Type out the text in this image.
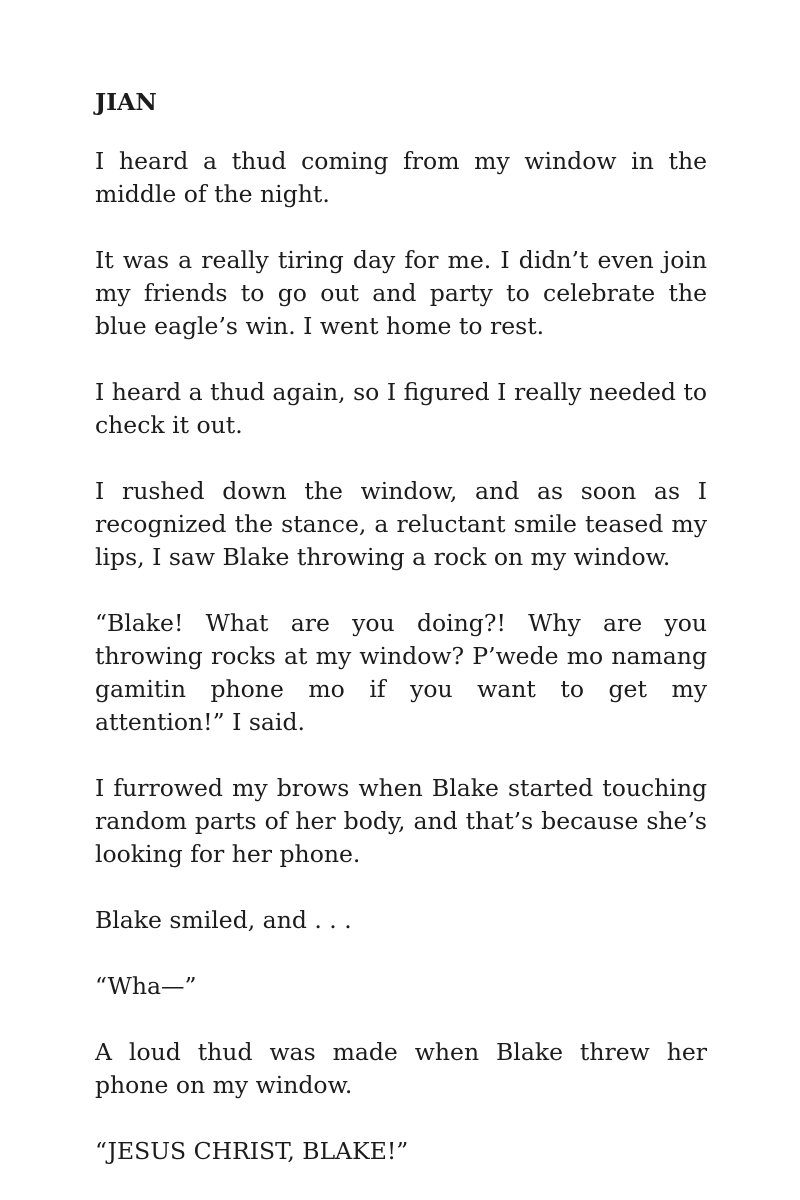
JIAN

I heard a thud coming from my window in the middle of the night.

It was a really tiring day for me. I didn’t even join my friends to go out and party to celebrate the blue eagle’s win. I went home to rest.

I heard a thud again, so I figured I really needed to check it out.

I rushed down the window, and as soon as I recognized the stance, a reluctant smile teased my lips, I saw Blake throwing a rock on my window.

“Blake! What are you doing?! Why are you throwing rocks at my window? P’wede mo namang gamitin phone mo if you want to get my attention!” I said.

I furrowed my brows when Blake started touching random parts of her body, and that’s because she’s looking for her phone.

Blake smiled, and . . .

“Wha—”

A loud thud was made when Blake threw her phone on my window.

“JESUS CHRIST, BLAKE!”
